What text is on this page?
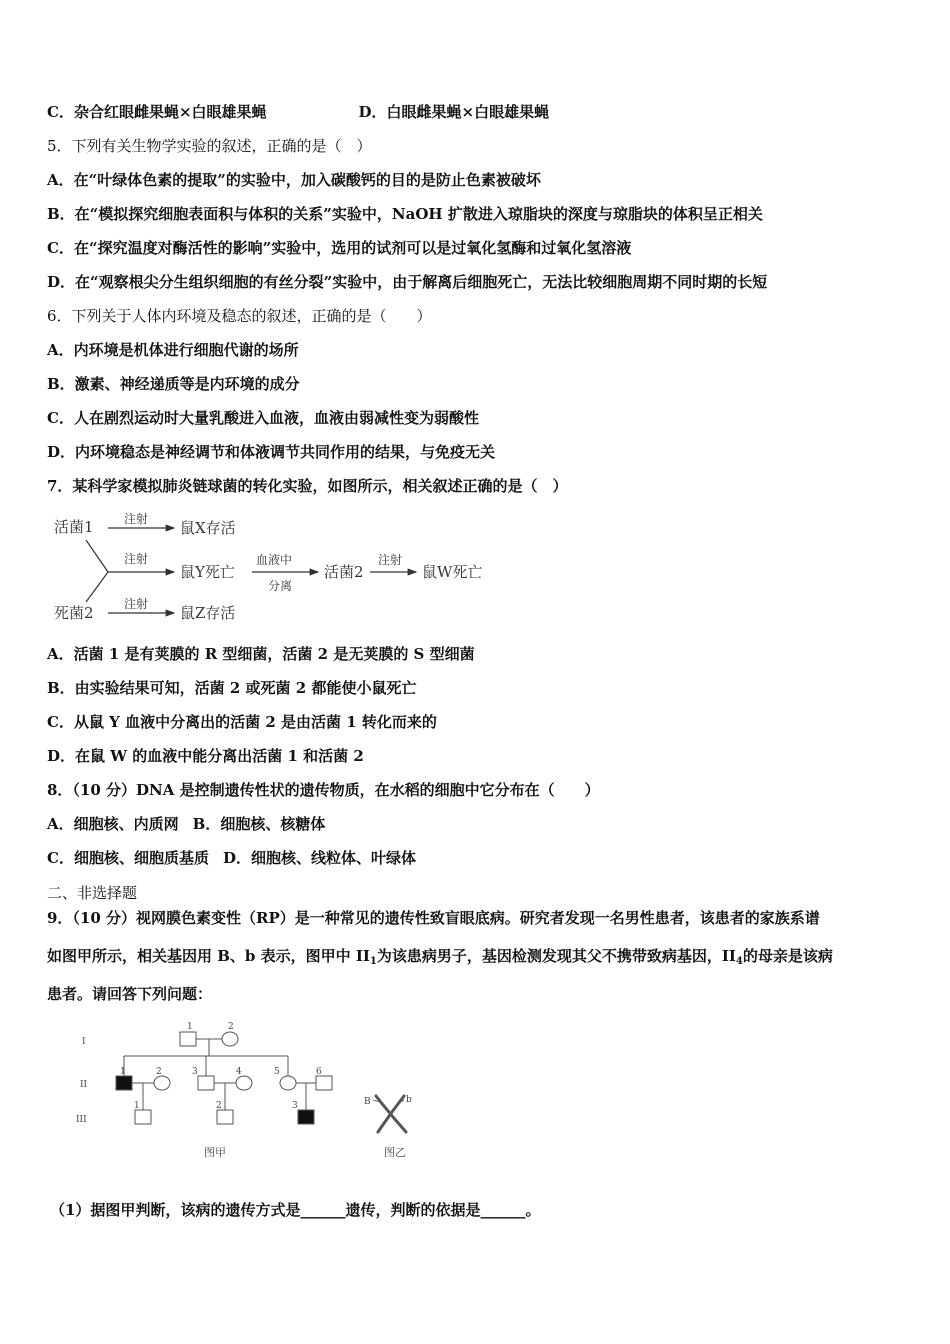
C．杂合红眼雌果蝇×白眼雄果蝇	D．白眼雌果蝇×白眼雄果蝇
5．下列有关生物学实验的叙述，正确的是（　）
A．在“叶绿体色素的提取”的实验中，加入碳酸钙的目的是防止色素被破坏
B．在“模拟探究细胞表面积与体积的关系”实验中，NaOH 扩散进入琼脂块的深度与琼脂块的体积呈正相关
C．在“探究温度对酶活性的影响”实验中，选用的试剂可以是过氧化氢酶和过氧化氢溶液
D．在“观察根尖分生组织细胞的有丝分裂”实验中，由于解离后细胞死亡，无法比较细胞周期不同时期的长短
6．下列关于人体内环境及稳态的叙述，正确的是（　　）
A．内环境是机体进行细胞代谢的场所
B．激素、神经递质等是内环境的成分
C．人在剧烈运动时大量乳酸进入血液，血液由弱减性变为弱酸性
D．内环境稳态是神经调节和体液调节共同作用的结果，与免疫无关
7．某科学家模拟肺炎链球菌的转化实验，如图所示，相关叙述正确的是（　）
活菌1	注射 鼠X存活
注射
鼠Y死亡
血液中
分离
活菌2
注射
鼠W死亡
死菌2	注射 鼠Z存活
A．活菌 1 是有荚膜的 R 型细菌，活菌 2 是无荚膜的 S 型细菌
B．由实验结果可知，活菌 2 或死菌 2 都能使小鼠死亡
C．从鼠 Y 血液中分离出的活菌 2 是由活菌 1 转化而来的
D．在鼠 W 的血液中能分离出活菌 1 和活菌 2
8．（10 分）DNA 是控制遗传性状的遗传物质，在水稻的细胞中它分布在（　　）
A．细胞核、内质网 B．细胞核、核糖体
C．细胞核、细胞质基质 D．细胞核、线粒体、叶绿体
二、非选择题
9．（10 分）视网膜色素变性（RP）是一种常见的遗传性致盲眼底病。研究者发现一名男性患者，该患者的家族系谱
如图甲所示，相关基因用 B、b 表示，图甲中 $II_1$为该患病男子，基因检测发现其父不携带致病基因，$II_4$的母亲是该病
患者。请回答下列问题：
I
II
III
1	2
1	2	3	4	5	6
1	2	3
图甲
B	b
图乙
（1）据图甲判断，该病的遗传方式是______遗传，判断的依据是______。
